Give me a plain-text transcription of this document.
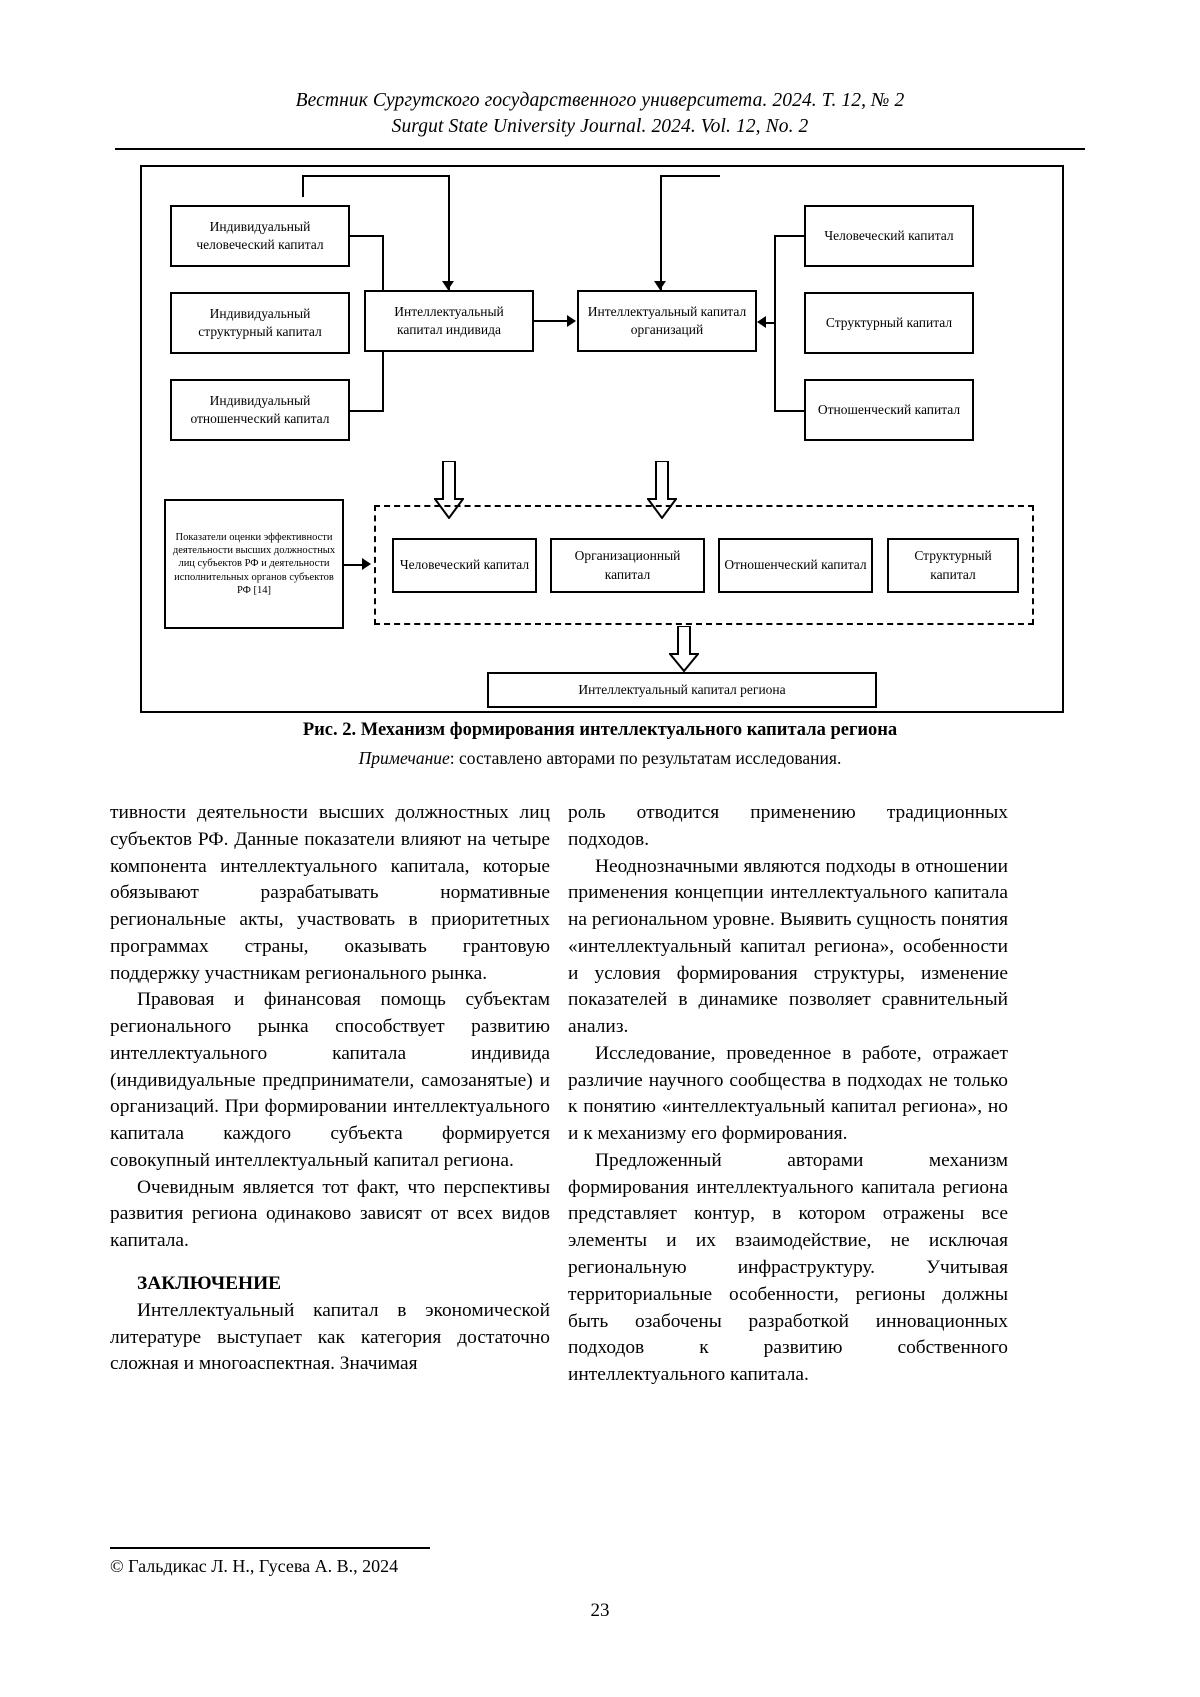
Вестник Сургутского государственного университета. 2024. Т. 12, № 2
Surgut State University Journal. 2024. Vol. 12, No. 2
Индивидуальный человеческий капитал
Индивидуальный структурный капитал
Индивидуальный отношенческий капитал
Интеллектуальный капитал индивида
Интеллектуальный капитал организаций
Человеческий капитал
Структурный капитал
Отношенческий капитал
Показатели оценки эффективности деятельности высших должностных лиц субъектов РФ и деятельности исполнительных органов субъектов РФ [14]
Человеческий капитал
Организационный капитал
Отношенческий капитал
Структурный капитал
Интеллектуальный капитал региона
Рис. 2. Механизм формирования интеллектуального капитала региона
Примечание: составлено авторами по результатам исследования.

тивности деятельности высших должностных лиц субъектов РФ. Данные показатели влияют на четыре компонента интеллектуального капитала, которые обязывают разрабатывать нормативные региональные акты, участвовать в приоритетных программах страны, оказывать грантовую поддержку участникам регионального рынка.

Правовая и финансовая помощь субъектам регионального рынка способствует развитию интеллектуального капитала индивида (индивидуальные предприниматели, самозанятые) и организаций. При формировании интеллектуального капитала каждого субъекта формируется совокупный интеллектуальный капитал региона.

Очевидным является тот факт, что перспективы развития региона одинаково зависят от всех видов капитала.

ЗАКЛЮЧЕНИЕ

Интеллектуальный капитал в экономической литературе выступает как категория достаточно сложная и многоаспектная. Значимая

роль отводится применению традиционных подходов.

Неоднозначными являются подходы в отношении применения концепции интеллектуального капитала на региональном уровне. Выявить сущность понятия «интеллектуальный капитал региона», особенности и условия формирования структуры, изменение показателей в динамике позволяет сравнительный анализ.

Исследование, проведенное в работе, отражает различие научного сообщества в подходах не только к понятию «интеллектуальный капитал региона», но и к механизму его формирования.

Предложенный авторами механизм формирования интеллектуального капитала региона представляет контур, в котором отражены все элементы и их взаимодействие, не исключая региональную инфраструктуру. Учитывая территориальные особенности, регионы должны быть озабочены разработкой инновационных подходов к развитию собственного интеллектуального капитала.

© Гальдикас Л. Н., Гусева А. В., 2024
23
